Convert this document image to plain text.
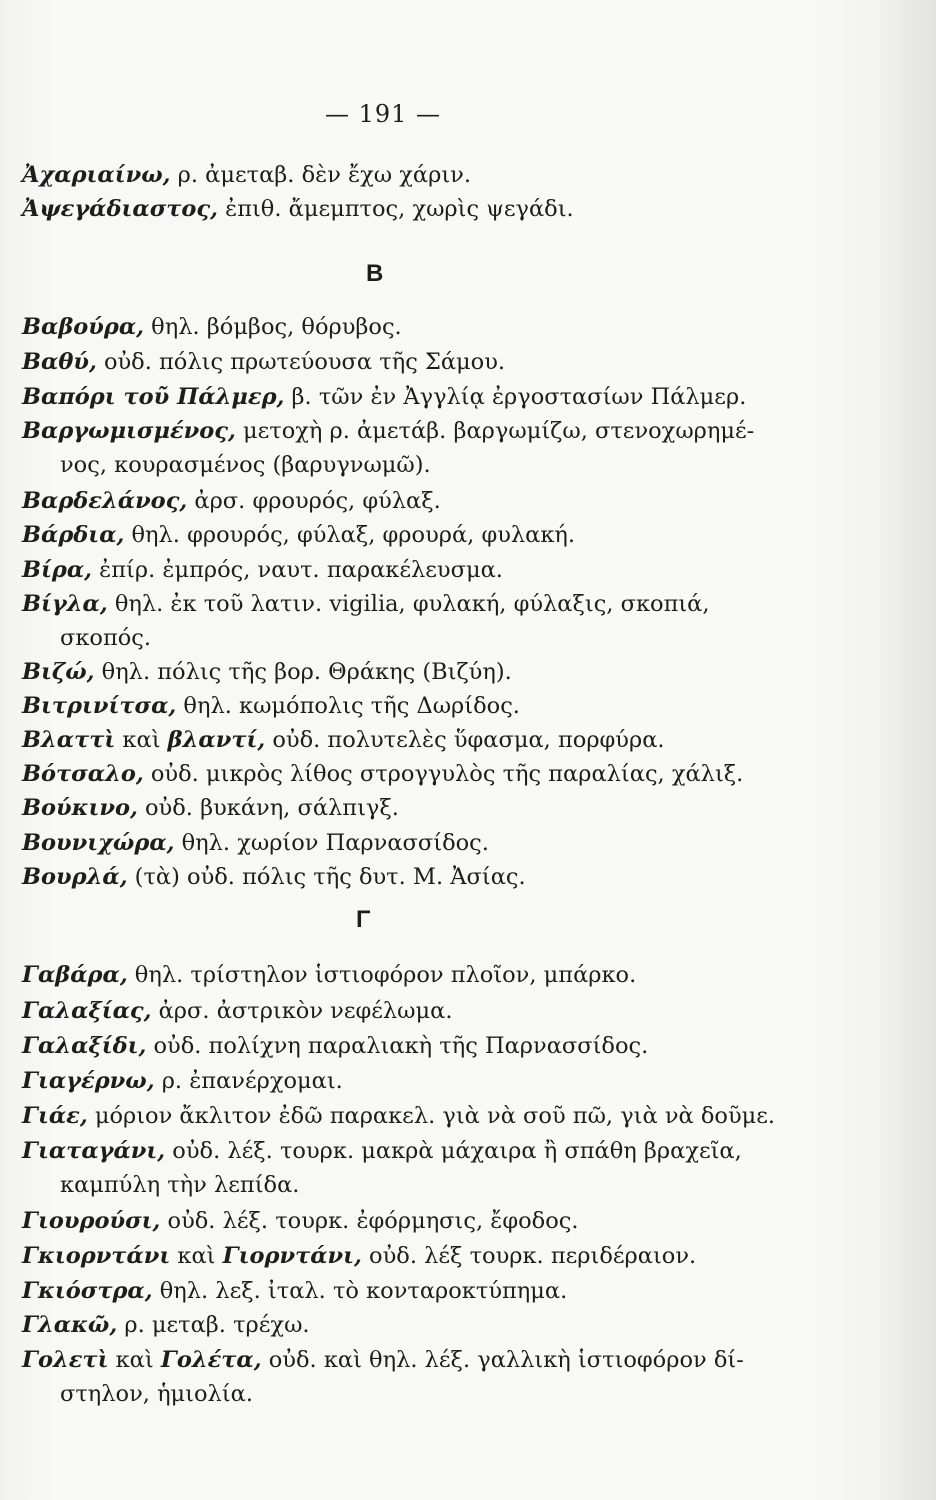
— 191 —
Ἀχαριαίνω, ρ. ἀμεταβ. δὲν ἔχω χάριν.
Ἀψεγάδιαστος, ἐπιθ. ἄμεμπτος, χωρὶς ψεγάδι.
B
Βαβούρα, θηλ. βόμβος, θόρυβος.
Βαθύ, οὐδ. πόλις πρωτεύουσα τῆς Σάμου.
Βαπόρι τοῦ Πάλμερ, β. τῶν ἐν Ἀγγλίᾳ ἐργοστασίων Πάλμερ.
Βαργωμισμένος, μετοχὴ ρ. ἀμετάβ. βαργωμίζω, στενοχωρημέ-
νος, κουρασμένος (βαρυγνωμῶ).
Βαρδελάνος, ἀρσ. φρουρός, φύλαξ.
Βάρδια, θηλ. φρουρός, φύλαξ, φρουρά, φυλακή.
Βίρα, ἐπίρ. ἐμπρός, ναυτ. παρακέλευσμα.
Βίγλα, θηλ. ἐκ τοῦ λατιν. vigilia, φυλακή, φύλαξις, σκοπιά,
σκοπός.
Βιζώ, θηλ. πόλις τῆς βορ. Θράκης (Βιζύη).
Βιτρινίτσα, θηλ. κωμόπολις τῆς Δωρίδος.
Βλαττὶ καὶ βλαντί, οὐδ. πολυτελὲς ὕφασμα, πορφύρα.
Βότσαλο, οὐδ. μικρὸς λίθος στρογγυλὸς τῆς παραλίας, χάλιξ.
Βούκινο, οὐδ. βυκάνη, σάλπιγξ.
Βουνιχώρα, θηλ. χωρίον Παρνασσίδος.
Βουρλά, (τὰ) οὐδ. πόλις τῆς δυτ. Μ. Ἀσίας.
Γ
Γαβάρα, θηλ. τρίστηλον ἱστιοφόρον πλοῖον, μπάρκο.
Γαλαξίας, ἀρσ. ἀστρικὸν νεφέλωμα.
Γαλαξίδι, οὐδ. πολίχνη παραλιακὴ τῆς Παρνασσίδος.
Γιαγέρνω, ρ. ἐπανέρχομαι.
Γιάε, μόριον ἄκλιτον ἐδῶ παρακελ. γιὰ νὰ σοῦ πῶ, γιὰ νὰ δοῦμε.
Γιαταγάνι, οὐδ. λέξ. τουρκ. μακρὰ μάχαιρα ἢ σπάθη βραχεῖα,
καμπύλη τὴν λεπίδα.
Γιουρούσι, οὐδ. λέξ. τουρκ. ἐφόρμησις, ἔφοδος.
Γκιορντάνι καὶ Γιορντάνι, οὐδ. λέξ τουρκ. περιδέραιον.
Γκιόστρα, θηλ. λεξ. ἰταλ. τὸ κονταροκτύπημα.
Γλακῶ, ρ. μεταβ. τρέχω.
Γολετὶ καὶ Γολέτα, οὐδ. καὶ θηλ. λέξ. γαλλικὴ ἱστιοφόρον δί-
στηλον, ἡμιολία.
